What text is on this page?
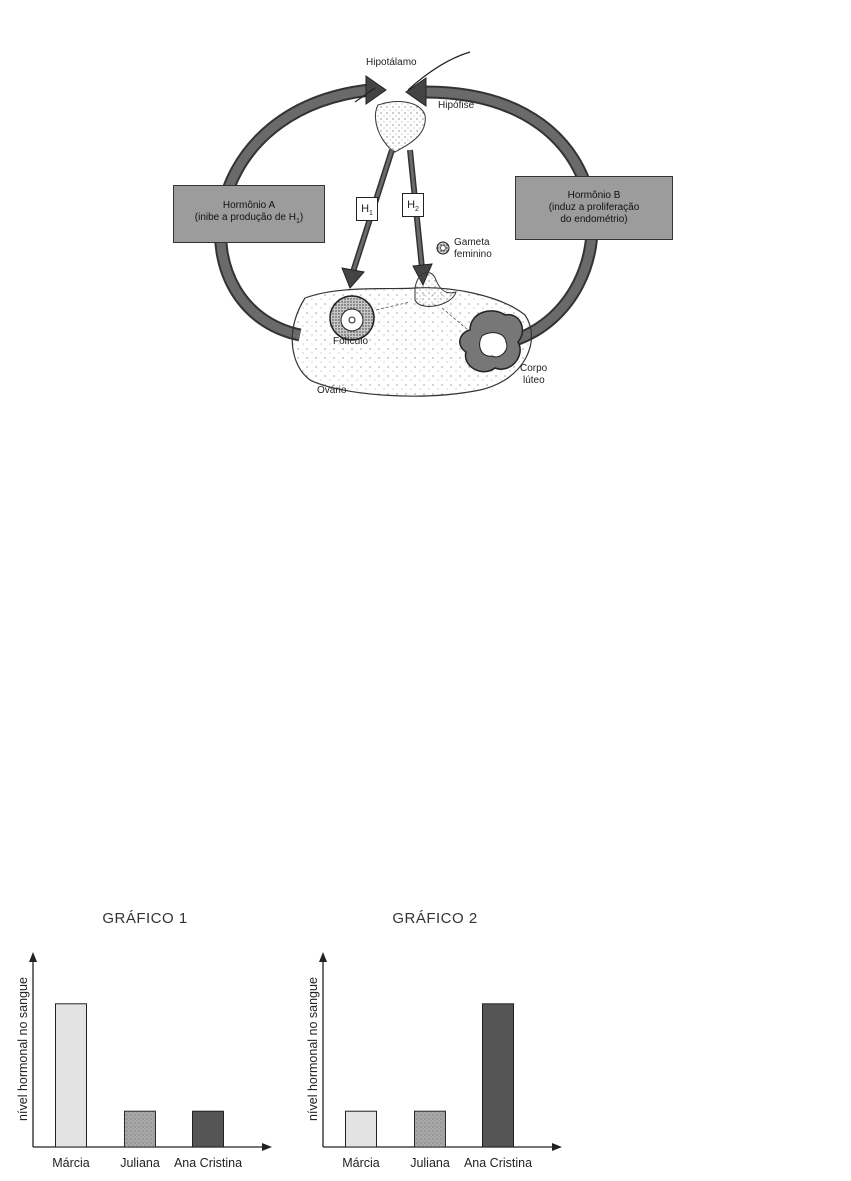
Hipotálamo
Hipófise
Hormônio A
(inibe a produção de $H_1$)
Hormônio B
(induz a proliferação
do endométrio)
$H_1$
$H_2$
Gameta
feminino
Folículo
Ovário
Corpo
lúteo
GRÁFICO 1
nível hormonal no sangue
Márcia Juliana Ana Cristina
GRÁFICO 2
nível hormonal no sangue
Márcia Juliana Ana Cristina
